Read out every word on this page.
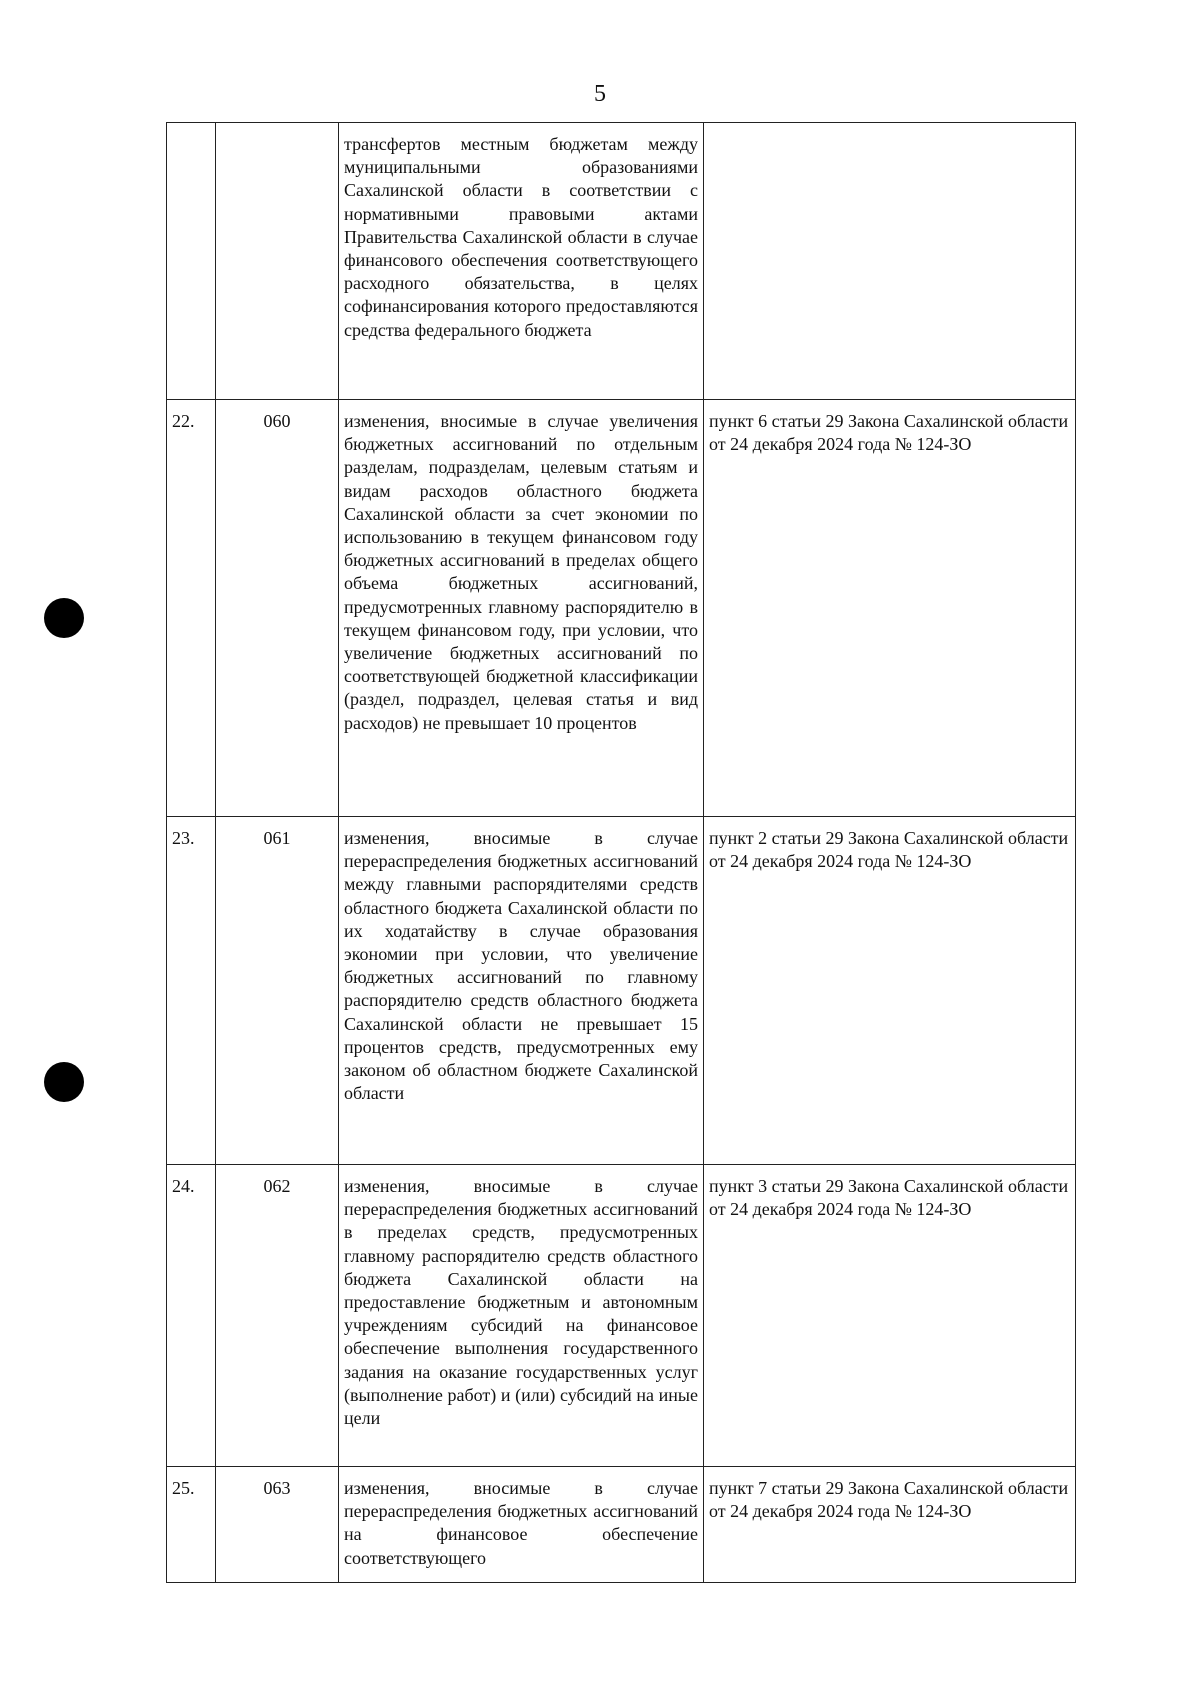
5
		трансфертов местным бюджетам между муниципальными образованиями Сахалинской области в соответствии с нормативными правовыми актами Правительства Сахалинской области в случае финансового обеспечения соответствующего расходного обязательства, в целях софинансирования которого предоставляются средства федерального бюджета	
22.	060	изменения, вносимые в случае увеличения бюджетных ассигнований по отдельным разделам, подразделам, целевым статьям и видам расходов областного бюджета Сахалинской области за счет экономии по использованию в текущем финансовом году бюджетных ассигнований в пределах общего объема бюджетных ассигнований, предусмотренных главному распорядителю в текущем финансовом году, при условии, что увеличение бюджетных ассигнований по соответствующей бюджетной классификации (раздел, подраздел, целевая статья и вид расходов) не превышает 10 процентов	пункт 6 статьи 29 Закона Сахалинской области от 24 декабря 2024 года № 124-ЗО
23.	061	изменения, вносимые в случае перераспределения бюджетных ассигнований между главными распорядителями средств областного бюджета Сахалинской области по их ходатайству в случае образования экономии при условии, что увеличение бюджетных ассигнований по главному распорядителю средств областного бюджета Сахалинской области не превышает 15 процентов средств, предусмотренных ему законом об областном бюджете Сахалинской области	пункт 2 статьи 29 Закона Сахалинской области от 24 декабря 2024 года № 124-ЗО
24.	062	изменения, вносимые в случае перераспределения бюджетных ассигнований в пределах средств, предусмотренных главному распорядителю средств областного бюджета Сахалинской области на предоставление бюджетным и автономным учреждениям субсидий на финансовое обеспечение выполнения государственного задания на оказание государственных услуг (выполнение работ) и (или) субсидий на иные цели	пункт 3 статьи 29 Закона Сахалинской области от 24 декабря 2024 года № 124-ЗО
25.	063	изменения, вносимые в случае перераспределения бюджетных ассигнований на финансовое обеспечение соответствующего	пункт 7 статьи 29 Закона Сахалинской области от 24 декабря 2024 года № 124-ЗО
